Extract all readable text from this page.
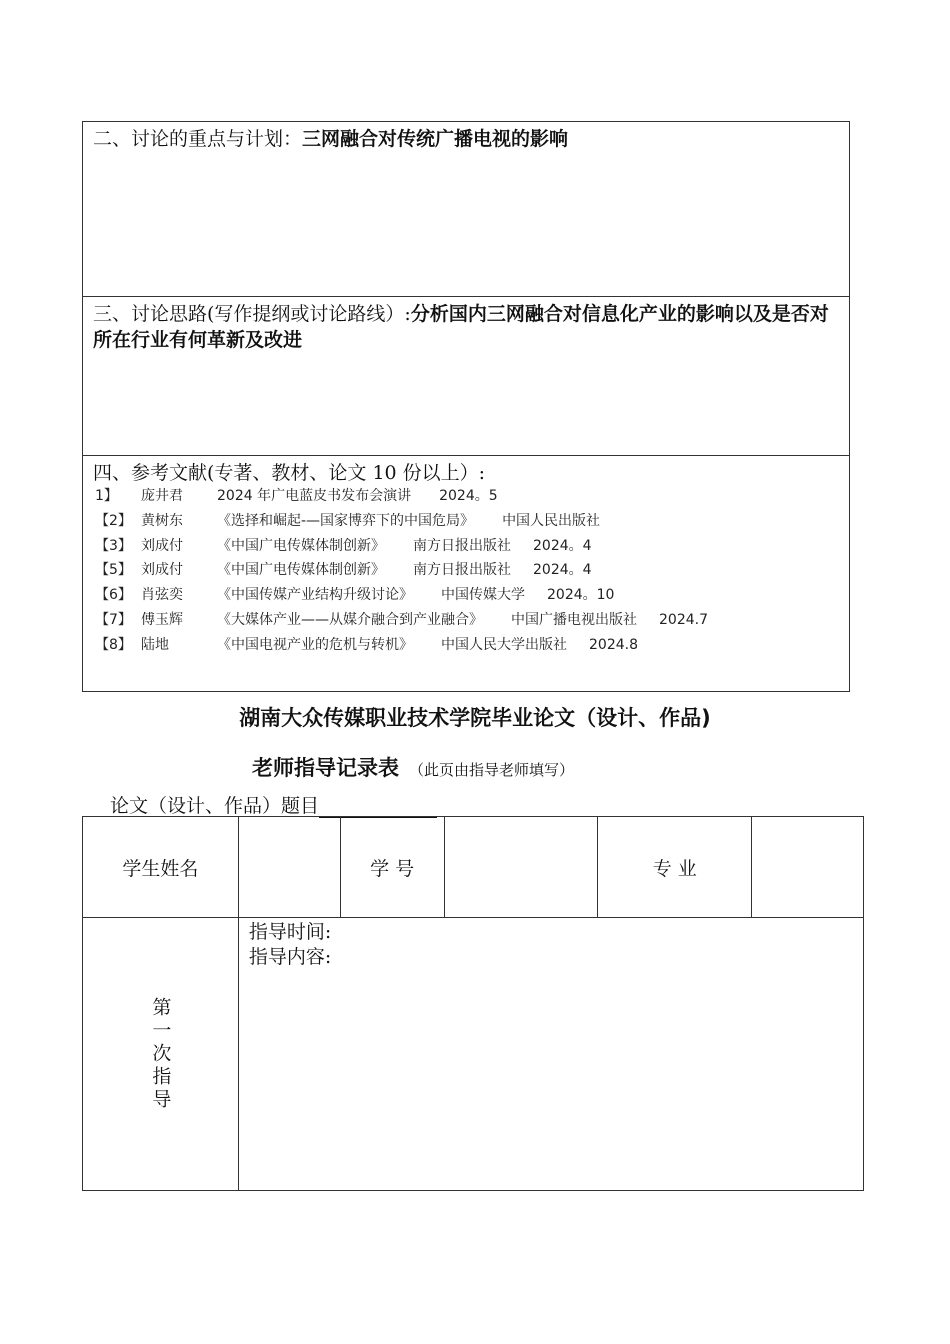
二、讨论的重点与计划：三网融合对传统广播电视的影响
三、讨论思路(写作提纲或讨论路线）:分析国内三网融合对信息化产业的影响以及是否对所在行业有何革新及改进
四、参考文献(专著、教材、论文 10 份以上）:
1】	庞井君	2024 年广电蓝皮书发布会演讲 2024。5
【2】 黄树东	《选择和崛起-—国家博弈下的中国危局》 中国人民出版社
【3】 刘成付	《中国广电传媒体制创新》 南方日报出版社 2024。4
【5】 刘成付	《中国广电传媒体制创新》 南方日报出版社 2024。4
【6】 肖弦奕	《中国传媒产业结构升级讨论》 中国传媒大学 2024。10
【7】 傅玉辉	《大媒体产业——从媒介融合到产业融合》 中国广播电视出版社 2024.7
【8】 陆地	《中国电视产业的危机与转机》 中国人民大学出版社 2024.8
湖南大众传媒职业技术学院毕业论文（设计、作品)
老师指导记录表 （此页由指导老师填写）
论文（设计、作品）题目
学生姓名		学 号		专 业	
第一次指导	指导时间:
指导内容:				
